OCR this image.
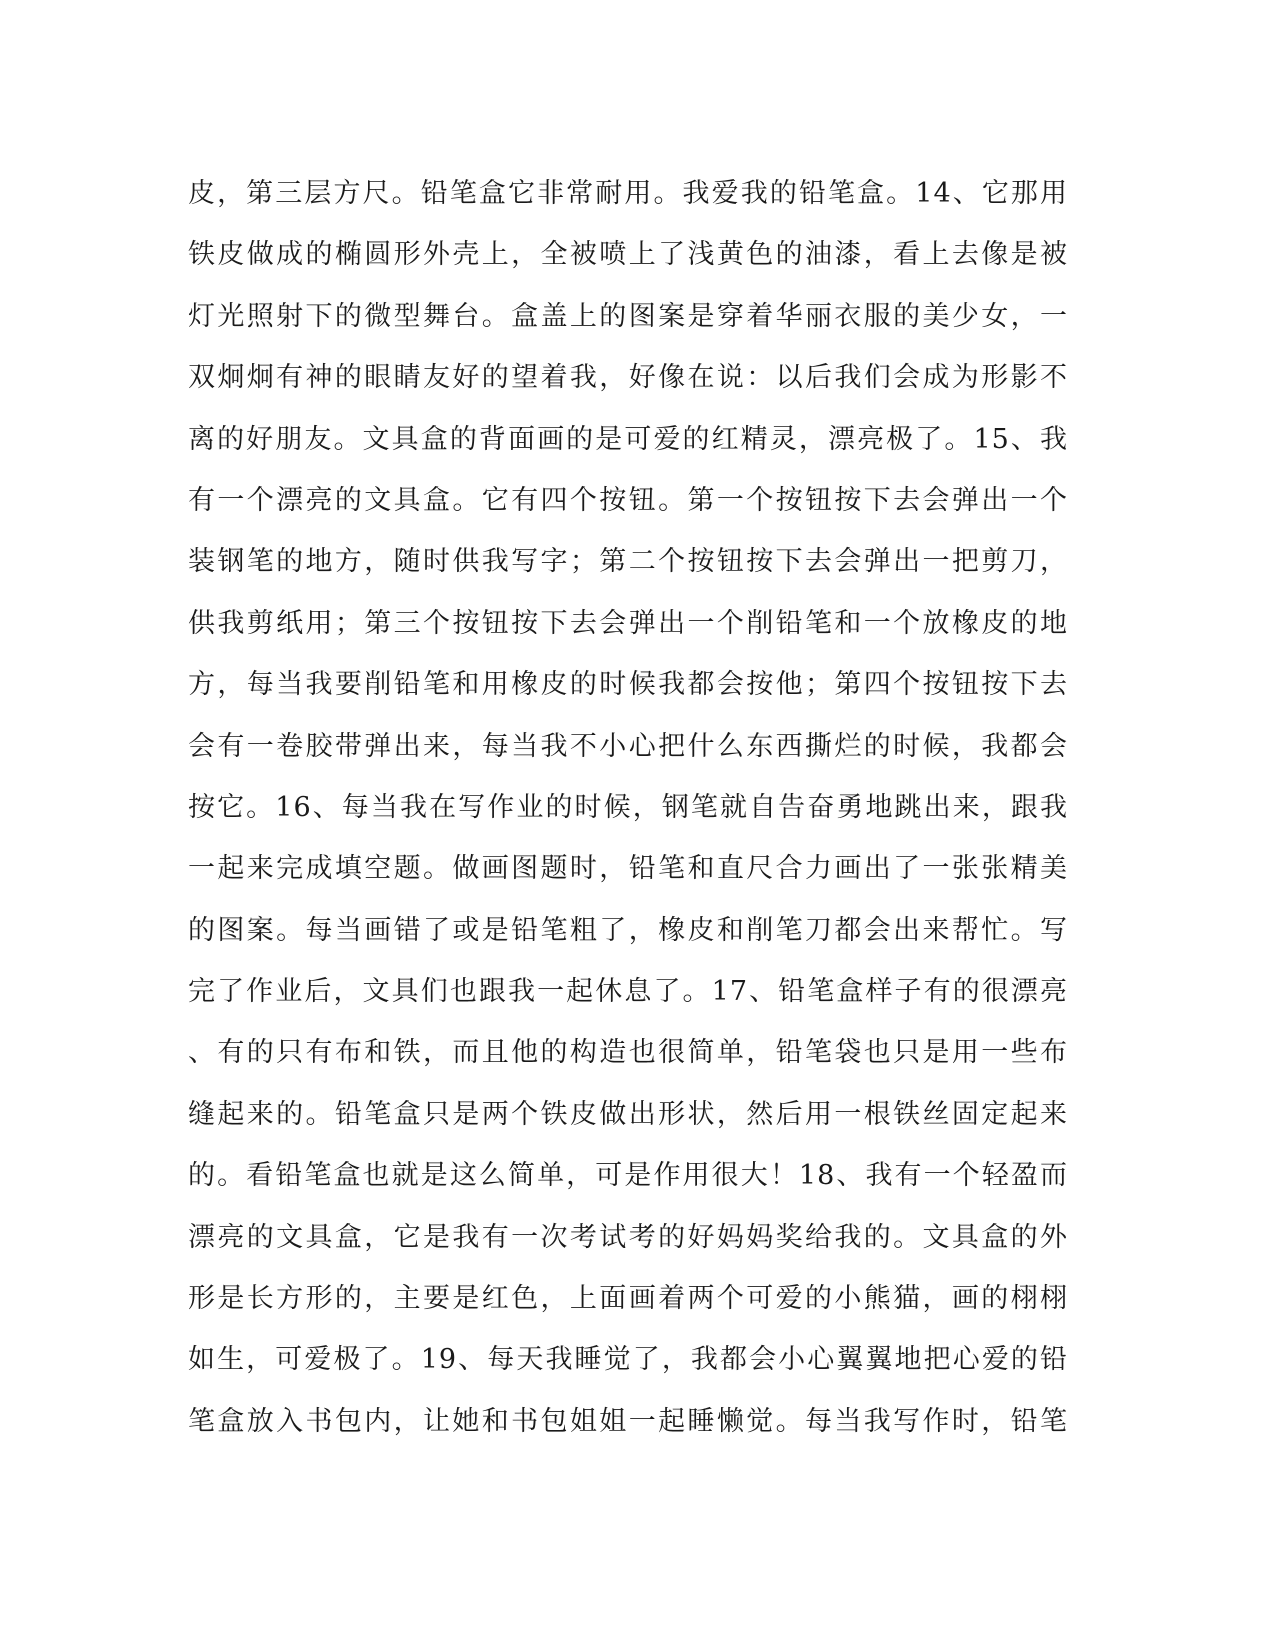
皮，第三层方尺。铅笔盒它非常耐用。我爱我的铅笔盒。14、它那用
铁皮做成的椭圆形外壳上，全被喷上了浅黄色的油漆，看上去像是被
灯光照射下的微型舞台。盒盖上的图案是穿着华丽衣服的美少女，一
双炯炯有神的眼睛友好的望着我，好像在说：以后我们会成为形影不
离的好朋友。文具盒的背面画的是可爱的红精灵，漂亮极了。15、我
有一个漂亮的文具盒。它有四个按钮。第一个按钮按下去会弹出一个
装钢笔的地方，随时供我写字；第二个按钮按下去会弹出一把剪刀，
供我剪纸用；第三个按钮按下去会弹出一个削铅笔和一个放橡皮的地
方，每当我要削铅笔和用橡皮的时候我都会按他；第四个按钮按下去
会有一卷胶带弹出来，每当我不小心把什么东西撕烂的时候，我都会
按它。16、每当我在写作业的时候，钢笔就自告奋勇地跳出来，跟我
一起来完成填空题。做画图题时，铅笔和直尺合力画出了一张张精美
的图案。每当画错了或是铅笔粗了，橡皮和削笔刀都会出来帮忙。写
完了作业后，文具们也跟我一起休息了。17、铅笔盒样子有的很漂亮
、有的只有布和铁，而且他的构造也很简单，铅笔袋也只是用一些布
缝起来的。铅笔盒只是两个铁皮做出形状，然后用一根铁丝固定起来
的。看铅笔盒也就是这么简单，可是作用很大！18、我有一个轻盈而
漂亮的文具盒，它是我有一次考试考的好妈妈奖给我的。文具盒的外
形是长方形的，主要是红色，上面画着两个可爱的小熊猫，画的栩栩
如生，可爱极了。19、每天我睡觉了，我都会小心翼翼地把心爱的铅
笔盒放入书包内，让她和书包姐姐一起睡懒觉。每当我写作时，铅笔
